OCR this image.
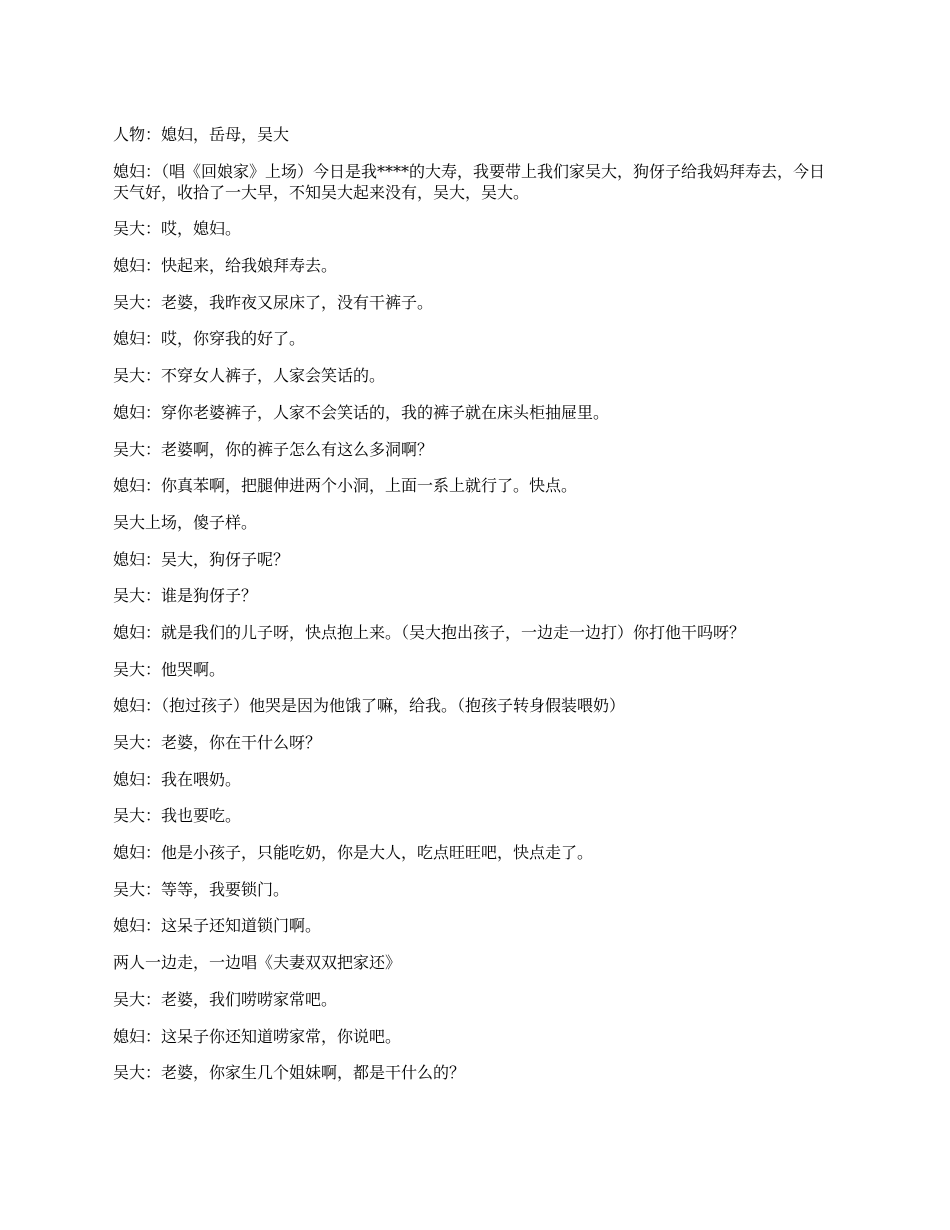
人物：媳妇，岳母，吴大

媳妇：（唱《回娘家》上场）今日是我****的大寿，我要带上我们家吴大，狗伢子给我妈拜寿去，今日天气好，收拾了一大早，不知吴大起来没有，吴大，吴大。

吴大：哎，媳妇。

媳妇：快起来，给我娘拜寿去。

吴大：老婆，我昨夜又尿床了，没有干裤子。

媳妇：哎，你穿我的好了。

吴大：不穿女人裤子，人家会笑话的。

媳妇：穿你老婆裤子，人家不会笑话的，我的裤子就在床头柜抽屉里。

吴大：老婆啊，你的裤子怎么有这么多洞啊？

媳妇：你真苯啊，把腿伸进两个小洞，上面一系上就行了。快点。

吴大上场，傻子样。

媳妇：吴大，狗伢子呢？

吴大：谁是狗伢子？

媳妇：就是我们的儿子呀，快点抱上来。（吴大抱出孩子，一边走一边打）你打他干吗呀？

吴大：他哭啊。

媳妇：（抱过孩子）他哭是因为他饿了嘛，给我。（抱孩子转身假装喂奶）

吴大：老婆，你在干什么呀？

媳妇：我在喂奶。

吴大：我也要吃。

媳妇：他是小孩子，只能吃奶，你是大人，吃点旺旺吧，快点走了。

吴大：等等，我要锁门。

媳妇：这呆子还知道锁门啊。

两人一边走，一边唱《夫妻双双把家还》

吴大：老婆，我们唠唠家常吧。

媳妇：这呆子你还知道唠家常，你说吧。

吴大：老婆，你家生几个姐妹啊，都是干什么的？
